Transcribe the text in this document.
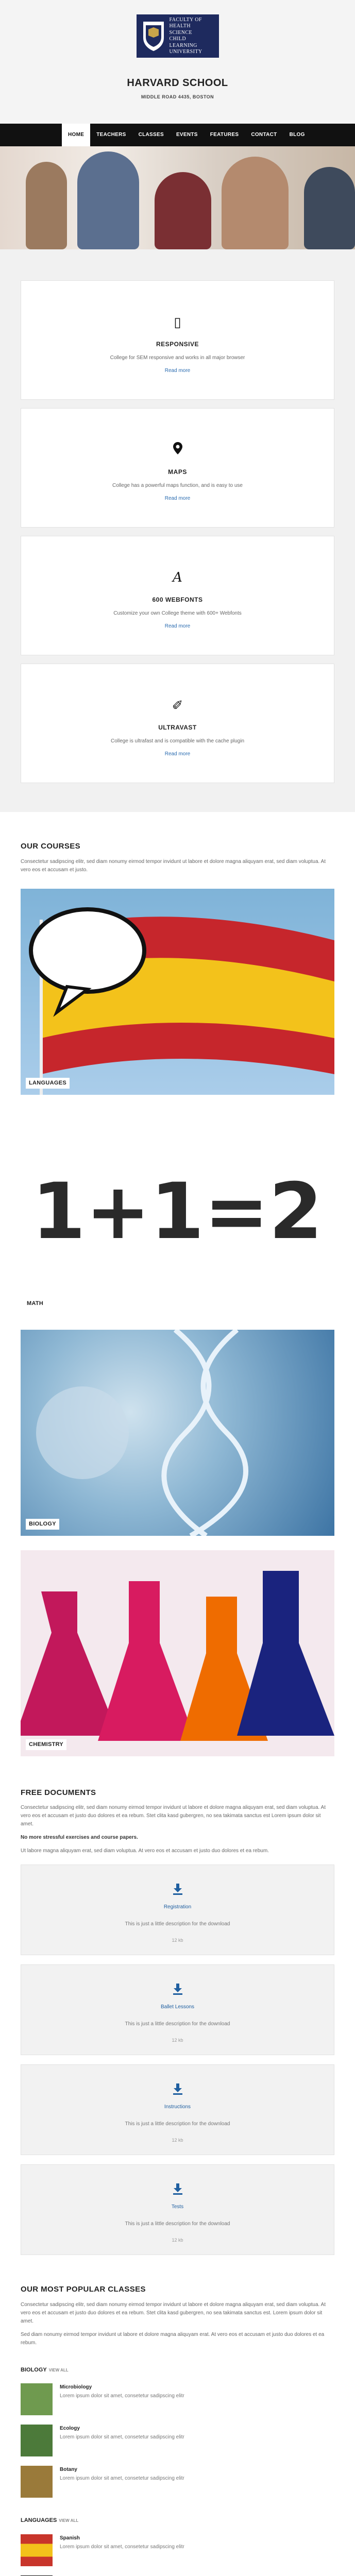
FACULTY OF
HEALTH SCIENCE
CHILD LEARNING
UNIVERSITY
HARVARD SCHOOL
MIDDLE ROAD 4435, BOSTON
HOME	TEACHERS	CLASSES	EVENTS	FEATURES	CONTACT	BLOG
▯
RESPONSIVE
College for SEM responsive and works in all major browser
Read more
MAPS
College has a powerful maps function, and is easy to use
Read more
A
600 WEBFONTS
Customize your own College theme with 600+ Webfonts
Read more
✐
ULTRAVAST
College is ultrafast and is compatible with the cache plugin
Read more
OUR COURSES
Consectetur sadipscing elitr, sed diam nonumy eirmod tempor invidunt ut labore et dolore magna aliquyam erat, sed diam voluptua. At vero eos et accusam et justo.
LANGUAGES
1+1=2
MATH
BIOLOGY
CHEMISTRY
FREE DOCUMENTS
Consectetur sadipscing elitr, sed diam nonumy eirmod tempor invidunt ut labore et dolore magna aliquyam erat, sed diam voluptua. At vero eos et accusam et justo duo dolores et ea rebum. Stet clita kasd gubergren, no sea takimata sanctus est Lorem ipsum dolor sit amet.
No more stressful exercises and course papers.
Ut labore magna aliquyam erat, sed diam voluptua. At vero eos et accusam et justo duo dolores et ea rebum.
Registration
This is just a little description for the download
12 kb
Ballet Lessons
This is just a little description for the download
12 kb
Instructions
This is just a little description for the download
12 kb
Tests
This is just a little description for the download
12 kb
OUR MOST POPULAR CLASSES
Consectetur sadipscing elitr, sed diam nonumy eirmod tempor invidunt ut labore et dolore magna aliquyam erat, sed diam voluptua. At vero eos et accusam et justo duo dolores et ea rebum. Stet clita kasd gubergren, no sea takimata sanctus est. Lorem ipsum dolor sit amet.
Sed diam nonumy eirmod tempor invidunt ut labore et dolore magna aliquyam erat. At vero eos et accusam et justo duo dolores et ea rebum.
BIOLOGY VIEW ALL
Microbiology
Lorem ipsum dolor sit amet, consetetur sadipscing elitr
Ecology
Lorem ipsum dolor sit amet, consetetur sadipscing elitr
Botany
Lorem ipsum dolor sit amet, consetetur sadipscing elitr
LANGUAGES VIEW ALL
Spanish
Lorem ipsum dolor sit amet, consetetur sadipscing elitr
